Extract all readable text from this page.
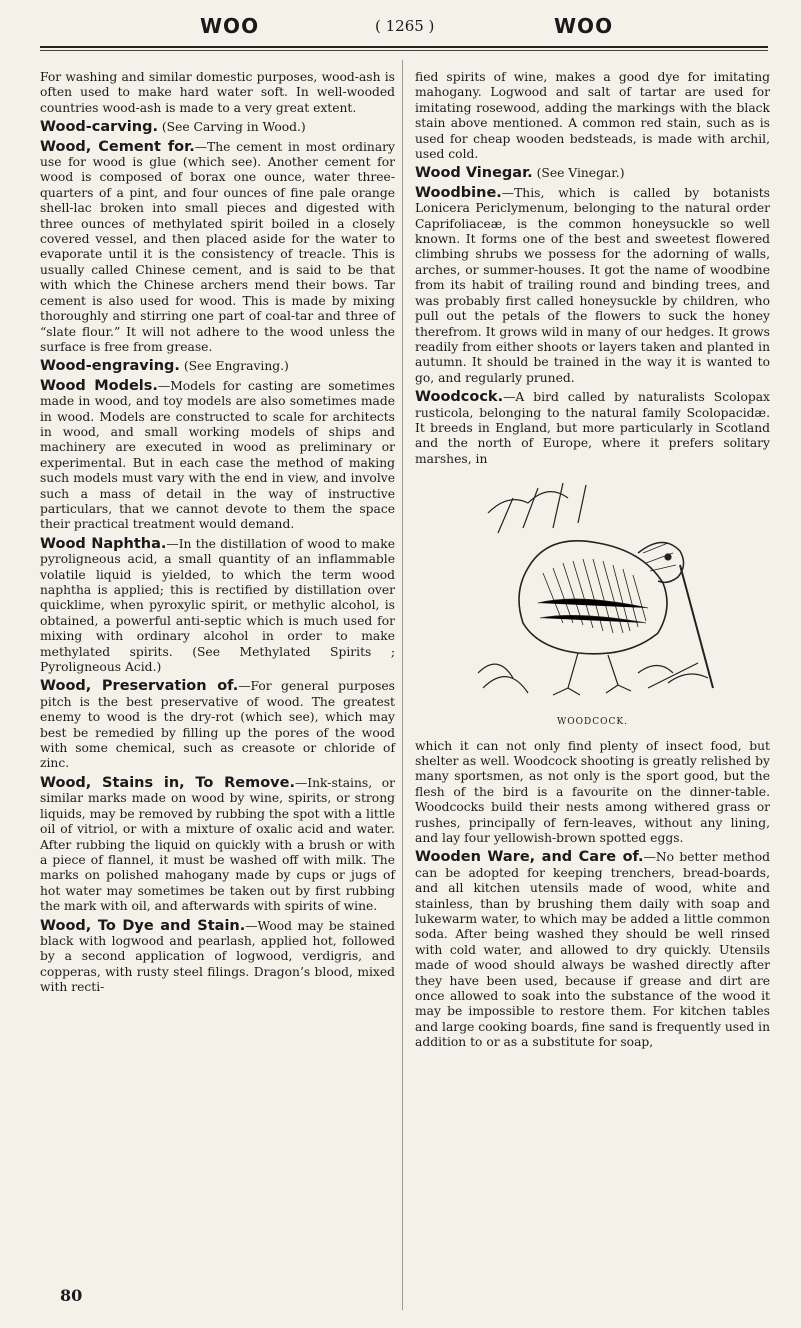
WOO	( 1265 )	WOO

For washing and similar domestic purposes, wood-ash is often used to make hard water soft. In well-wooded countries wood-ash is made to a very great extent.

Wood-carving. (See Carving in Wood.)

Wood, Cement for.—The cement in most ordinary use for wood is glue (which see). Another cement for wood is composed of borax one ounce, water three-quarters of a pint, and four ounces of fine pale orange shell-lac broken into small pieces and digested with three ounces of methylated spirit boiled in a closely covered vessel, and then placed aside for the water to evaporate until it is the consistency of treacle. This is usually called Chinese cement, and is said to be that with which the Chinese archers mend their bows. Tar cement is also used for wood. This is made by mixing thoroughly and stirring one part of coal-tar and three of “slate flour.” It will not adhere to the wood unless the surface is free from grease.

Wood-engraving. (See Engraving.)

Wood Models.—Models for casting are sometimes made in wood, and toy models are also sometimes made in wood. Models are constructed to scale for architects in wood, and small working models of ships and machinery are executed in wood as preliminary or experimental. But in each case the method of making such models must vary with the end in view, and involve such a mass of detail in the way of instructive particulars, that we cannot devote to them the space their practical treatment would demand.

Wood Naphtha.—In the distillation of wood to make pyroligneous acid, a small quantity of an inflammable volatile liquid is yielded, to which the term wood naphtha is applied; this is rectified by distillation over quicklime, when pyroxylic spirit, or methylic alcohol, is obtained, a powerful anti-septic which is much used for mixing with ordinary alcohol in order to make methylated spirits. (See Methylated Spirits ; Pyroligneous Acid.)

Wood, Preservation of.—For general purposes pitch is the best preservative of wood. The greatest enemy to wood is the dry-rot (which see), which may best be remedied by filling up the pores of the wood with some chemical, such as creasote or chloride of zinc.

Wood, Stains in, To Remove.—Ink-stains, or similar marks made on wood by wine, spirits, or strong liquids, may be removed by rubbing the spot with a little oil of vitriol, or with a mixture of oxalic acid and water. After rubbing the liquid on quickly with a brush or with a piece of flannel, it must be washed off with milk. The marks on polished mahogany made by cups or jugs of hot water may sometimes be taken out by first rubbing the mark with oil, and afterwards with spirits of wine.

Wood, To Dye and Stain.—Wood may be stained black with logwood and pearlash, applied hot, followed by a second application of logwood, verdigris, and copperas, with rusty steel filings. Dragon’s blood, mixed with recti-

fied spirits of wine, makes a good dye for imitating mahogany. Logwood and salt of tartar are used for imitating rosewood, adding the markings with the black stain above mentioned. A common red stain, such as is used for cheap wooden bedsteads, is made with archil, used cold.

Wood Vinegar. (See Vinegar.)

Woodbine.—This, which is called by botanists Lonicera Periclymenum, belonging to the natural order Caprifoliaceæ, is the common honeysuckle so well known. It forms one of the best and sweetest flowered climbing shrubs we possess for the adorning of walls, arches, or summer-houses. It got the name of woodbine from its habit of trailing round and binding trees, and was probably first called honeysuckle by children, who pull out the petals of the flowers to suck the honey therefrom. It grows wild in many of our hedges. It grows readily from either shoots or layers taken and planted in autumn. It should be trained in the way it is wanted to go, and regularly pruned.

Woodcock.—A bird called by naturalists Scolopax rusticola, belonging to the natural family Scolopacidæ. It breeds in England, but more particularly in Scotland and the north of Europe, where it prefers solitary marshes, in

WOODCOCK.

which it can not only find plenty of insect food, but shelter as well. Woodcock shooting is greatly relished by many sportsmen, as not only is the sport good, but the flesh of the bird is a favourite on the dinner-table. Woodcocks build their nests among withered grass or rushes, principally of fern-leaves, without any lining, and lay four yellowish-brown spotted eggs.

Wooden Ware, and Care of.—No better method can be adopted for keeping trenchers, bread-boards, and all kitchen utensils made of wood, white and stainless, than by brushing them daily with soap and lukewarm water, to which may be added a little common soda. After being washed they should be well rinsed with cold water, and allowed to dry quickly. Utensils made of wood should always be washed directly after they have been used, because if grease and dirt are once allowed to soak into the substance of the wood it may be impossible to restore them. For kitchen tables and large cooking boards, fine sand is frequently used in addition to or as a substitute for soap,

80
